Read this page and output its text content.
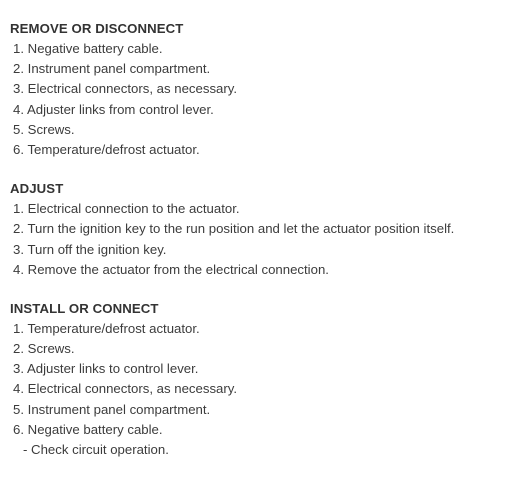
REMOVE OR DISCONNECT
1. Negative battery cable.
2. Instrument panel compartment.
3. Electrical connectors, as necessary.
4. Adjuster links from control lever.
5. Screws.
6. Temperature/defrost actuator.
ADJUST
1. Electrical connection to the actuator.
2. Turn the ignition key to the run position and let the actuator position itself.
3. Turn off the ignition key.
4. Remove the actuator from the electrical connection.
INSTALL OR CONNECT
1. Temperature/defrost actuator.
2. Screws.
3. Adjuster links to control lever.
4. Electrical connectors, as necessary.
5. Instrument panel compartment.
6. Negative battery cable.
- Check circuit operation.
